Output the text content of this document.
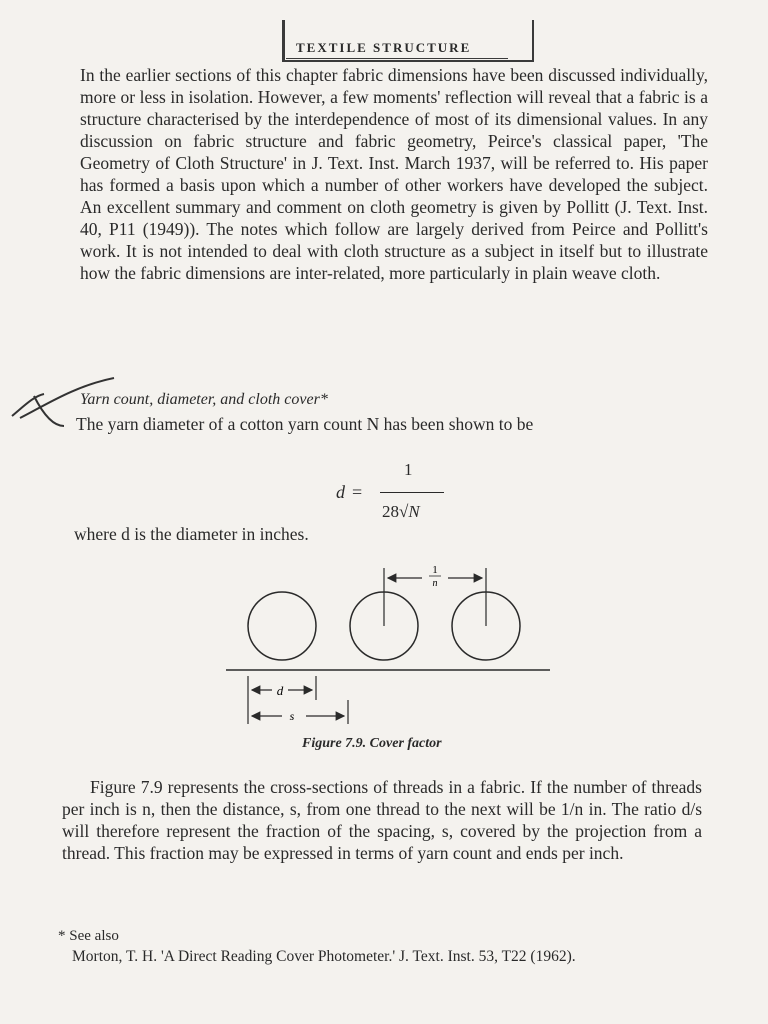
TEXTILE STRUCTURE
In the earlier sections of this chapter fabric dimensions have been discussed individually, more or less in isolation. However, a few moments' reflection will reveal that a fabric is a structure characterised by the interdependence of most of its dimensional values. In any discussion on fabric structure and fabric geometry, Peirce's classical paper, 'The Geometry of Cloth Structure' in J. Text. Inst. March 1937, will be referred to. His paper has formed a basis upon which a number of other workers have developed the subject. An excellent summary and comment on cloth geometry is given by Pollitt (J. Text. Inst. 40, P11 (1949)). The notes which follow are largely derived from Peirce and Pollitt's work. It is not intended to deal with cloth structure as a subject in itself but to illustrate how the fabric dimensions are inter-related, more particularly in plain weave cloth.
Yarn count, diameter, and cloth cover*
The yarn diameter of a cotton yarn count N has been shown to be
d =
1
28√N
where d is the diameter in inches.
1
n
d
s
Figure 7.9. Cover factor
Figure 7.9 represents the cross-sections of threads in a fabric. If the number of threads per inch is n, then the distance, s, from one thread to the next will be 1/n in. The ratio d/s will therefore represent the fraction of the spacing, s, covered by the projection from a thread. This fraction may be expressed in terms of yarn count and ends per inch.
* See also
Morton, T. H. 'A Direct Reading Cover Photometer.' J. Text. Inst. 53, T22 (1962).
